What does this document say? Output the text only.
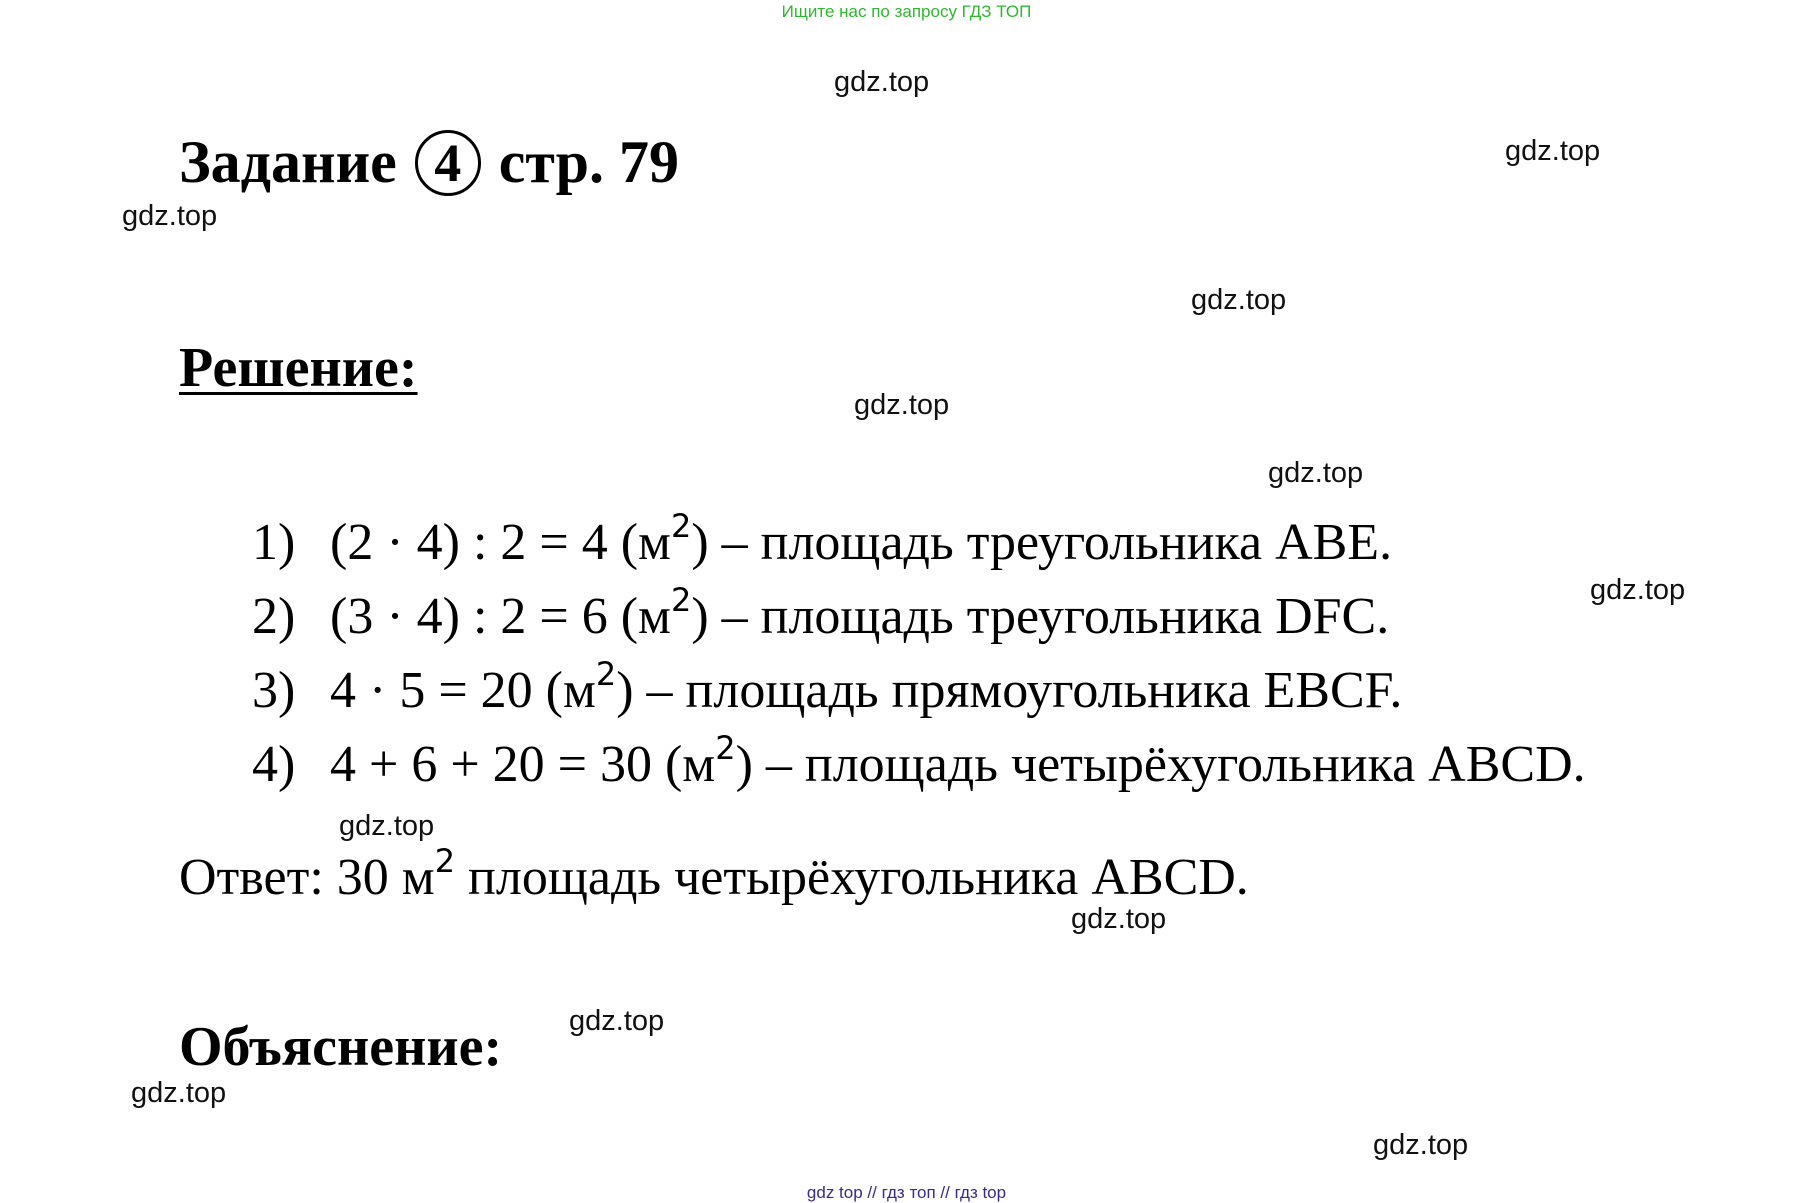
Ищите нас по запросу ГДЗ ТОП
gdz.top
gdz.top
gdz.top
gdz.top
gdz.top
gdz.top
gdz.top
gdz.top
gdz.top
gdz.top
gdz.top
gdz.top
Задание 4 стр. 79
Решение:
1) (2 · 4) : 2 = 4 $(м^2)$ – площадь треугольника ABE.
2) (3 · 4) : 2 = 6 $(м^2)$ – площадь треугольника DFC.
3) 4 · 5 = 20 $(м^2)$ – площадь прямоугольника EBCF.
4) 4 + 6 + 20 = 30 $(м^2)$ – площадь четырёхугольника ABCD.
Ответ: 30 $м^2$ площадь четырёхугольника ABCD.
Объяснение:
gdz top // гдз топ // гдз top
